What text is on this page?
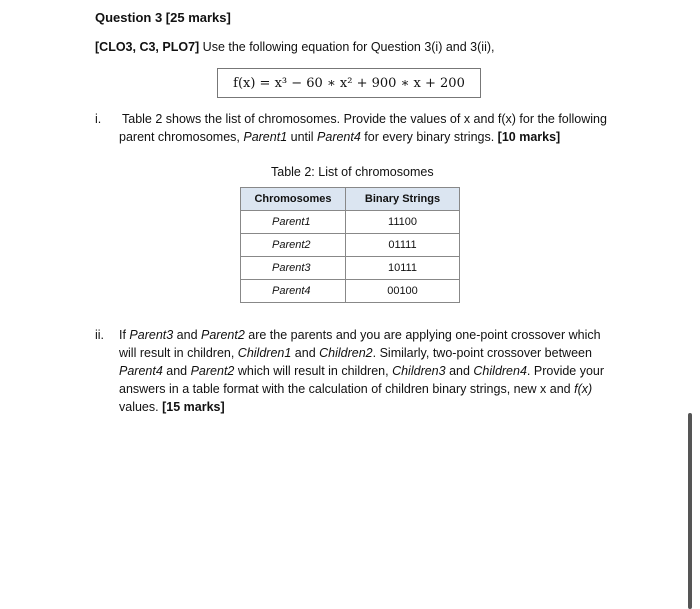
Question 3 [25 marks]
[CLO3, C3, PLO7] Use the following equation for Question 3(i) and 3(ii),
f(x) = x³ − 60 ∗ x² + 900 ∗ x + 200
i. Table 2 shows the list of chromosomes. Provide the values of x and f(x) for the following
parent chromosomes, Parent1 until Parent4 for every binary strings. [10 marks]
Table 2: List of chromosomes
Chromosomes	Binary Strings
Parent1	11100
Parent2	01111
Parent3	10111
Parent4	00100
ii. If Parent3 and Parent2 are the parents and you are applying one-point crossover which
will result in children, Children1 and Children2. Similarly, two-point crossover between
Parent4 and Parent2 which will result in children, Children3 and Children4. Provide your
answers in a table format with the calculation of children binary strings, new x and f(x)
values. [15 marks]
